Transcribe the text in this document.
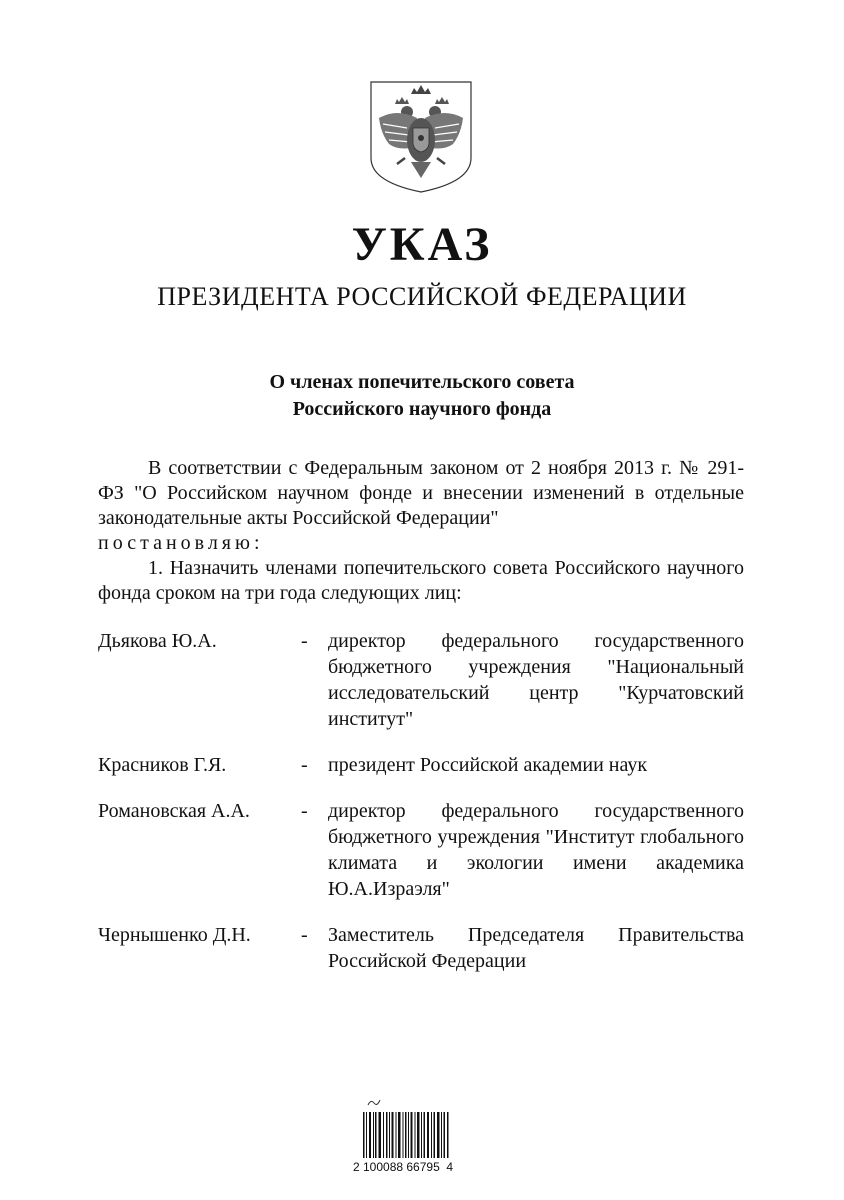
УКАЗ
ПРЕЗИДЕНТА РОССИЙСКОЙ ФЕДЕРАЦИИ
О членах попечительского совета
Российского научного фонда

В соответствии с Федеральным законом от 2 ноября 2013 г. № 291-ФЗ "О Российском научном фонде и внесении изменений в отдельные законодательные акты Российской Федерации"

постановляю:

1. Назначить членами попечительского совета Российского научного фонда сроком на три года следующих лиц:

Дьякова Ю.А.	-	директор федерального государственного бюджетного учреждения "Национальный исследовательский центр "Курчатовский институт"
Красников Г.Я.	-	президент Российской академии наук
Романовская А.А.	-	директор федерального государственного бюджетного учреждения "Институт глобального климата и экологии имени академика Ю.А.Израэля"
Чернышенко Д.Н.	-	Заместитель Председателя Правительства Российской Федерации
2 100088 66795  4
